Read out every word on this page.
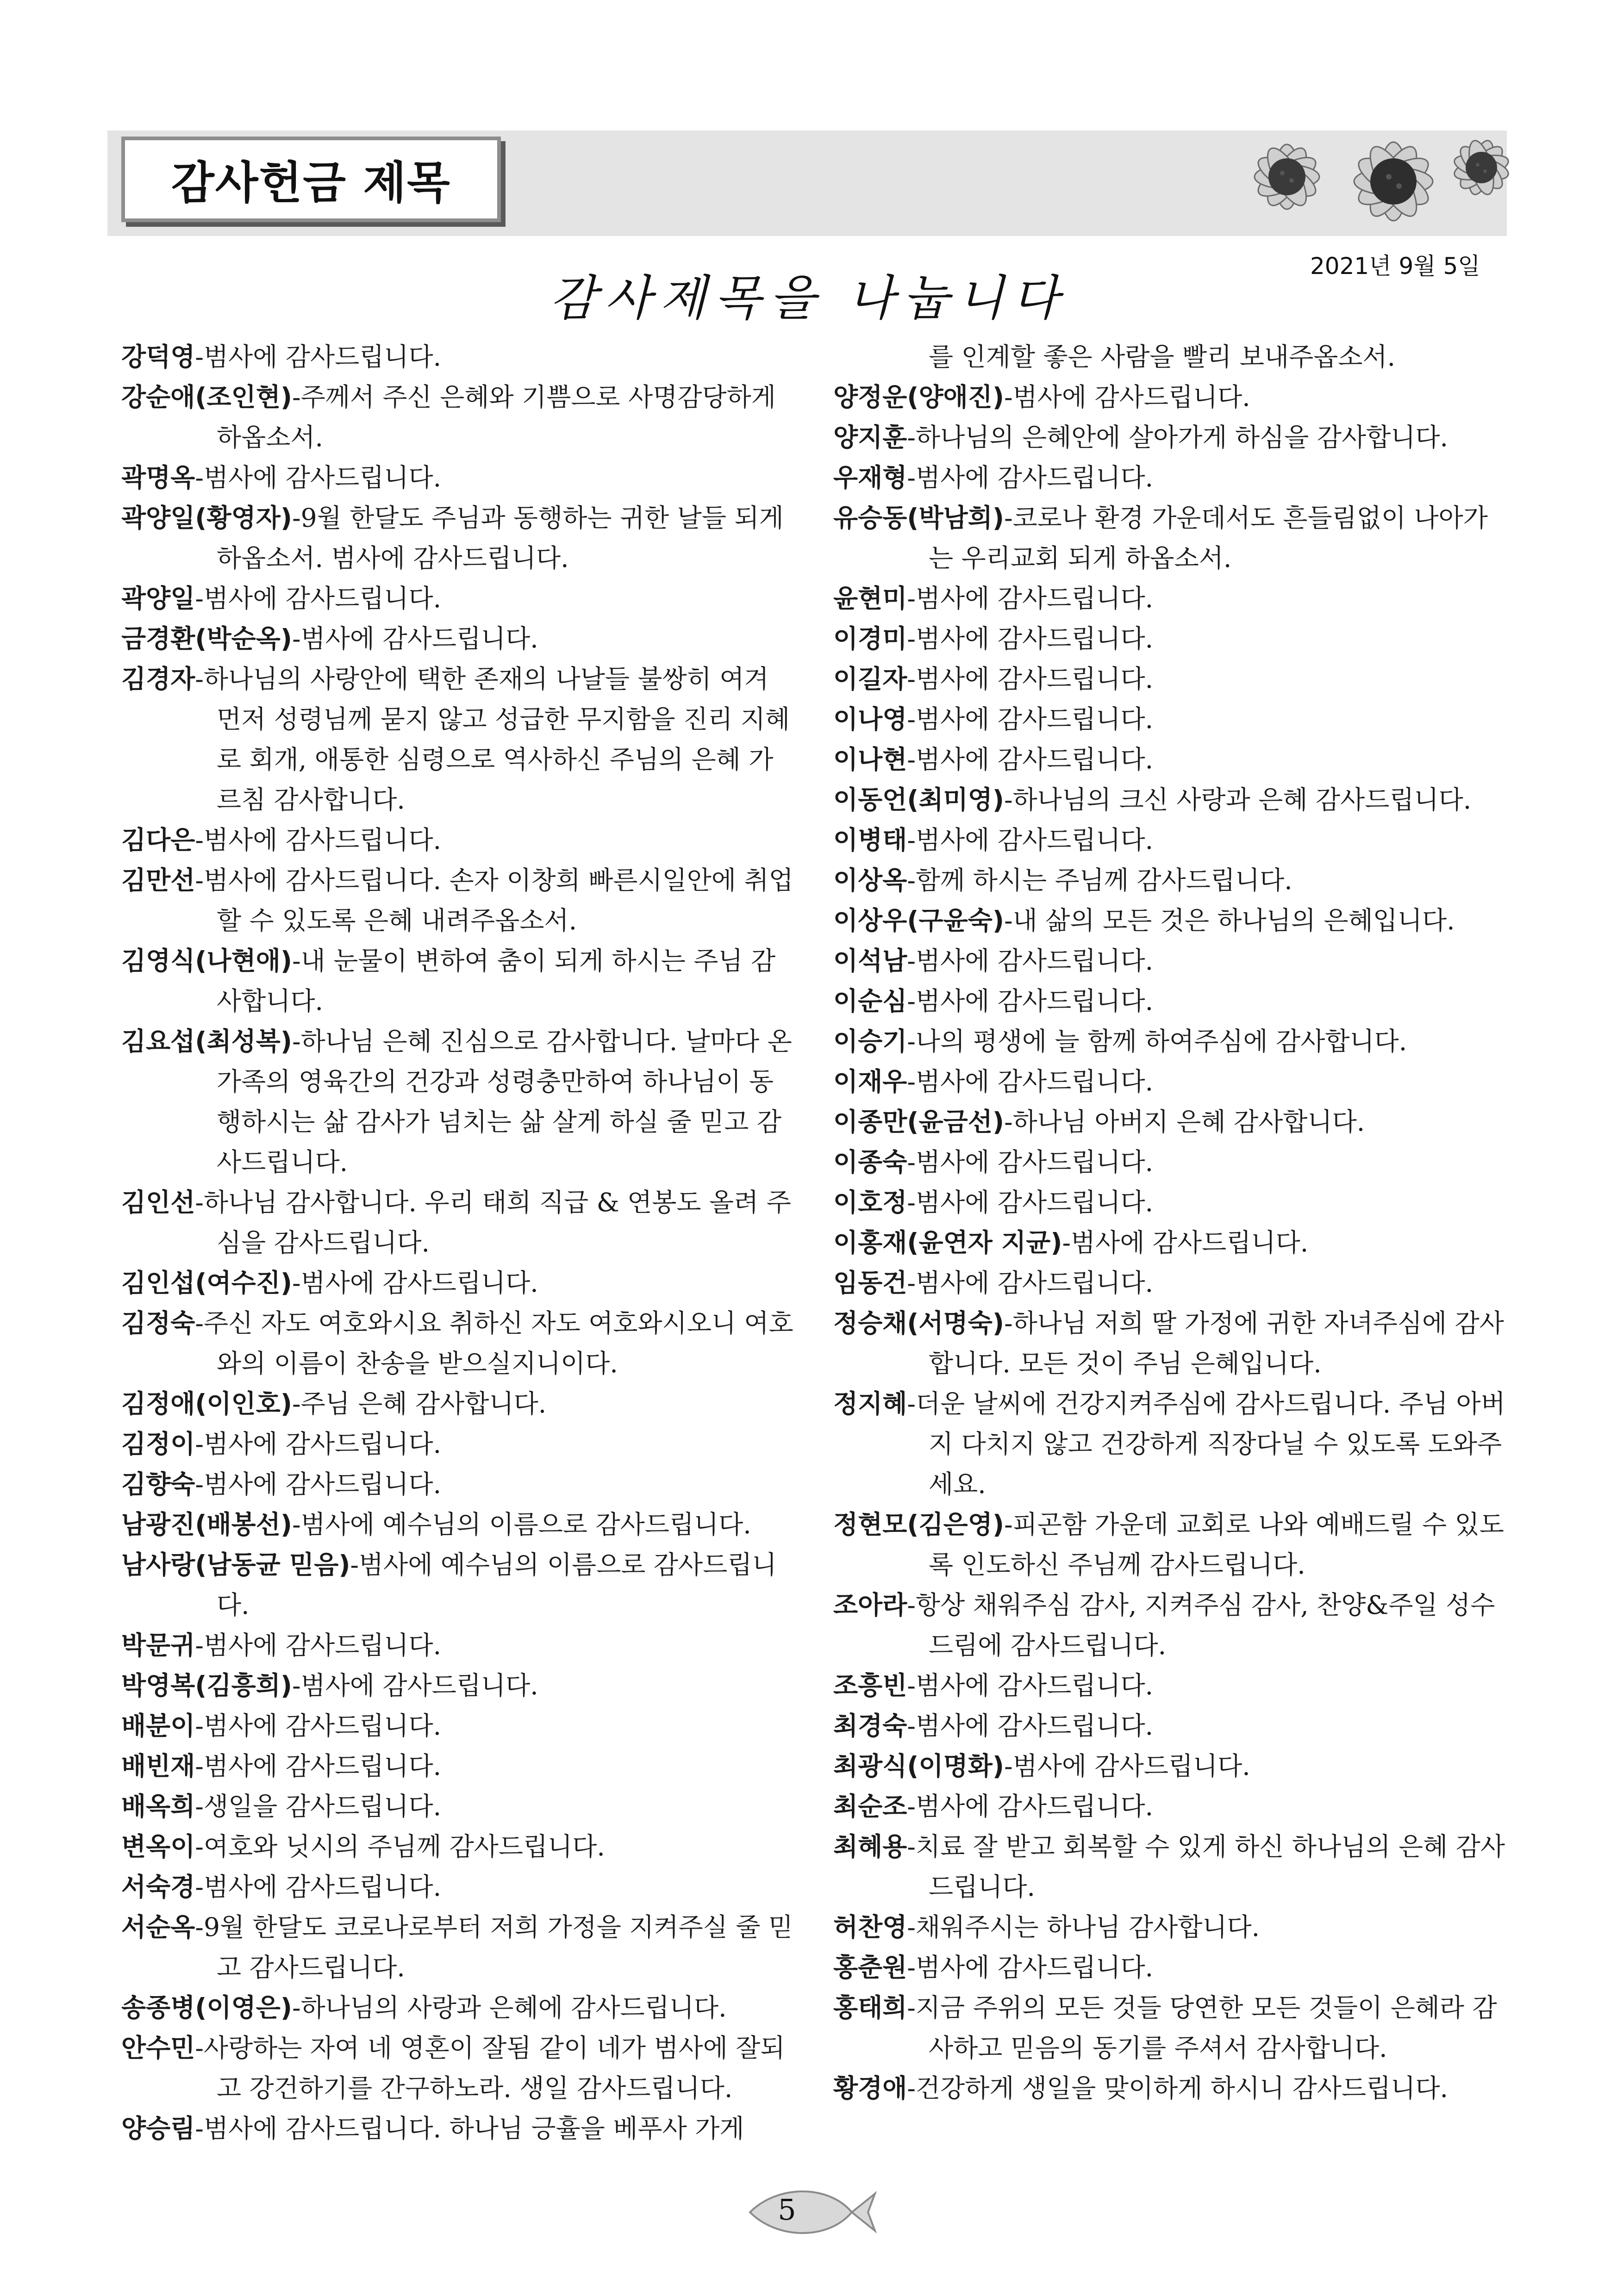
감사헌금 제목
2021년 9월 5일
감사제목을 나눕니다

강덕영-범사에 감사드립니다.

강순애(조인현)-주께서 주신 은혜와 기쁨으로 사명감당하게 하옵소서.

곽명옥-범사에 감사드립니다.

곽양일(황영자)-9월 한달도 주님과 동행하는 귀한 날들 되게 하옵소서. 범사에 감사드립니다.

곽양일-범사에 감사드립니다.

금경환(박순옥)-범사에 감사드립니다.

김경자-하나님의 사랑안에 택한 존재의 나날들 불쌍히 여겨 먼저 성령님께 묻지 않고 성급한 무지함을 진리 지혜로 회개, 애통한 심령으로 역사하신 주님의 은혜 가르침 감사합니다.

김다은-범사에 감사드립니다.

김만선-범사에 감사드립니다. 손자 이창희 빠른시일안에 취업할 수 있도록 은혜 내려주옵소서.

김영식(나현애)-내 눈물이 변하여 춤이 되게 하시는 주님 감사합니다.

김요섭(최성복)-하나님 은혜 진심으로 감사합니다. 날마다 온 가족의 영육간의 건강과 성령충만하여 하나님이 동행하시는 삶 감사가 넘치는 삶 살게 하실 줄 믿고 감사드립니다.

김인선-하나님 감사합니다. 우리 태희 직급 & 연봉도 올려 주심을 감사드립니다.

김인섭(여수진)-범사에 감사드립니다.

김정숙-주신 자도 여호와시요 취하신 자도 여호와시오니 여호와의 이름이 찬송을 받으실지니이다.

김정애(이인호)-주님 은혜 감사합니다.

김정이-범사에 감사드립니다.

김향숙-범사에 감사드립니다.

남광진(배봉선)-범사에 예수님의 이름으로 감사드립니다.

남사랑(남동균 믿음)-범사에 예수님의 이름으로 감사드립니다.

박문귀-범사에 감사드립니다.

박영복(김흥희)-범사에 감사드립니다.

배분이-범사에 감사드립니다.

배빈재-범사에 감사드립니다.

배옥희-생일을 감사드립니다.

변옥이-여호와 닛시의 주님께 감사드립니다.

서숙경-범사에 감사드립니다.

서순옥-9월 한달도 코로나로부터 저희 가정을 지켜주실 줄 믿고 감사드립니다.

송종병(이영은)-하나님의 사랑과 은혜에 감사드립니다.

안수민-사랑하는 자여 네 영혼이 잘됨 같이 네가 범사에 잘되고 강건하기를 간구하노라. 생일 감사드립니다.

양승림-범사에 감사드립니다. 하나님 긍휼을 베푸사 가게

를 인계할 좋은 사람을 빨리 보내주옵소서.

양정운(양애진)-범사에 감사드립니다.

양지훈-하나님의 은혜안에 살아가게 하심을 감사합니다.

우재형-범사에 감사드립니다.

유승동(박남희)-코로나 환경 가운데서도 흔들림없이 나아가는 우리교회 되게 하옵소서.

윤현미-범사에 감사드립니다.

이경미-범사에 감사드립니다.

이길자-범사에 감사드립니다.

이나영-범사에 감사드립니다.

이나현-범사에 감사드립니다.

이동언(최미영)-하나님의 크신 사랑과 은혜 감사드립니다.

이병태-범사에 감사드립니다.

이상옥-함께 하시는 주님께 감사드립니다.

이상우(구윤숙)-내 삶의 모든 것은 하나님의 은혜입니다.

이석남-범사에 감사드립니다.

이순심-범사에 감사드립니다.

이승기-나의 평생에 늘 함께 하여주심에 감사합니다.

이재우-범사에 감사드립니다.

이종만(윤금선)-하나님 아버지 은혜 감사합니다.

이종숙-범사에 감사드립니다.

이호정-범사에 감사드립니다.

이홍재(윤연자 지균)-범사에 감사드립니다.

임동건-범사에 감사드립니다.

정승채(서명숙)-하나님 저희 딸 가정에 귀한 자녀주심에 감사합니다. 모든 것이 주님 은혜입니다.

정지혜-더운 날씨에 건강지켜주심에 감사드립니다. 주님 아버지 다치지 않고 건강하게 직장다닐 수 있도록 도와주세요.

정현모(김은영)-피곤함 가운데 교회로 나와 예배드릴 수 있도록 인도하신 주님께 감사드립니다.

조아라-항상 채워주심 감사, 지켜주심 감사, 찬양&주일 성수 드림에 감사드립니다.

조흥빈-범사에 감사드립니다.

최경숙-범사에 감사드립니다.

최광식(이명화)-범사에 감사드립니다.

최순조-범사에 감사드립니다.

최혜용-치료 잘 받고 회복할 수 있게 하신 하나님의 은혜 감사드립니다.

허찬영-채워주시는 하나님 감사합니다.

홍춘원-범사에 감사드립니다.

홍태희-지금 주위의 모든 것들 당연한 모든 것들이 은혜라 감사하고 믿음의 동기를 주셔서 감사합니다.

황경애-건강하게 생일을 맞이하게 하시니 감사드립니다.

5
